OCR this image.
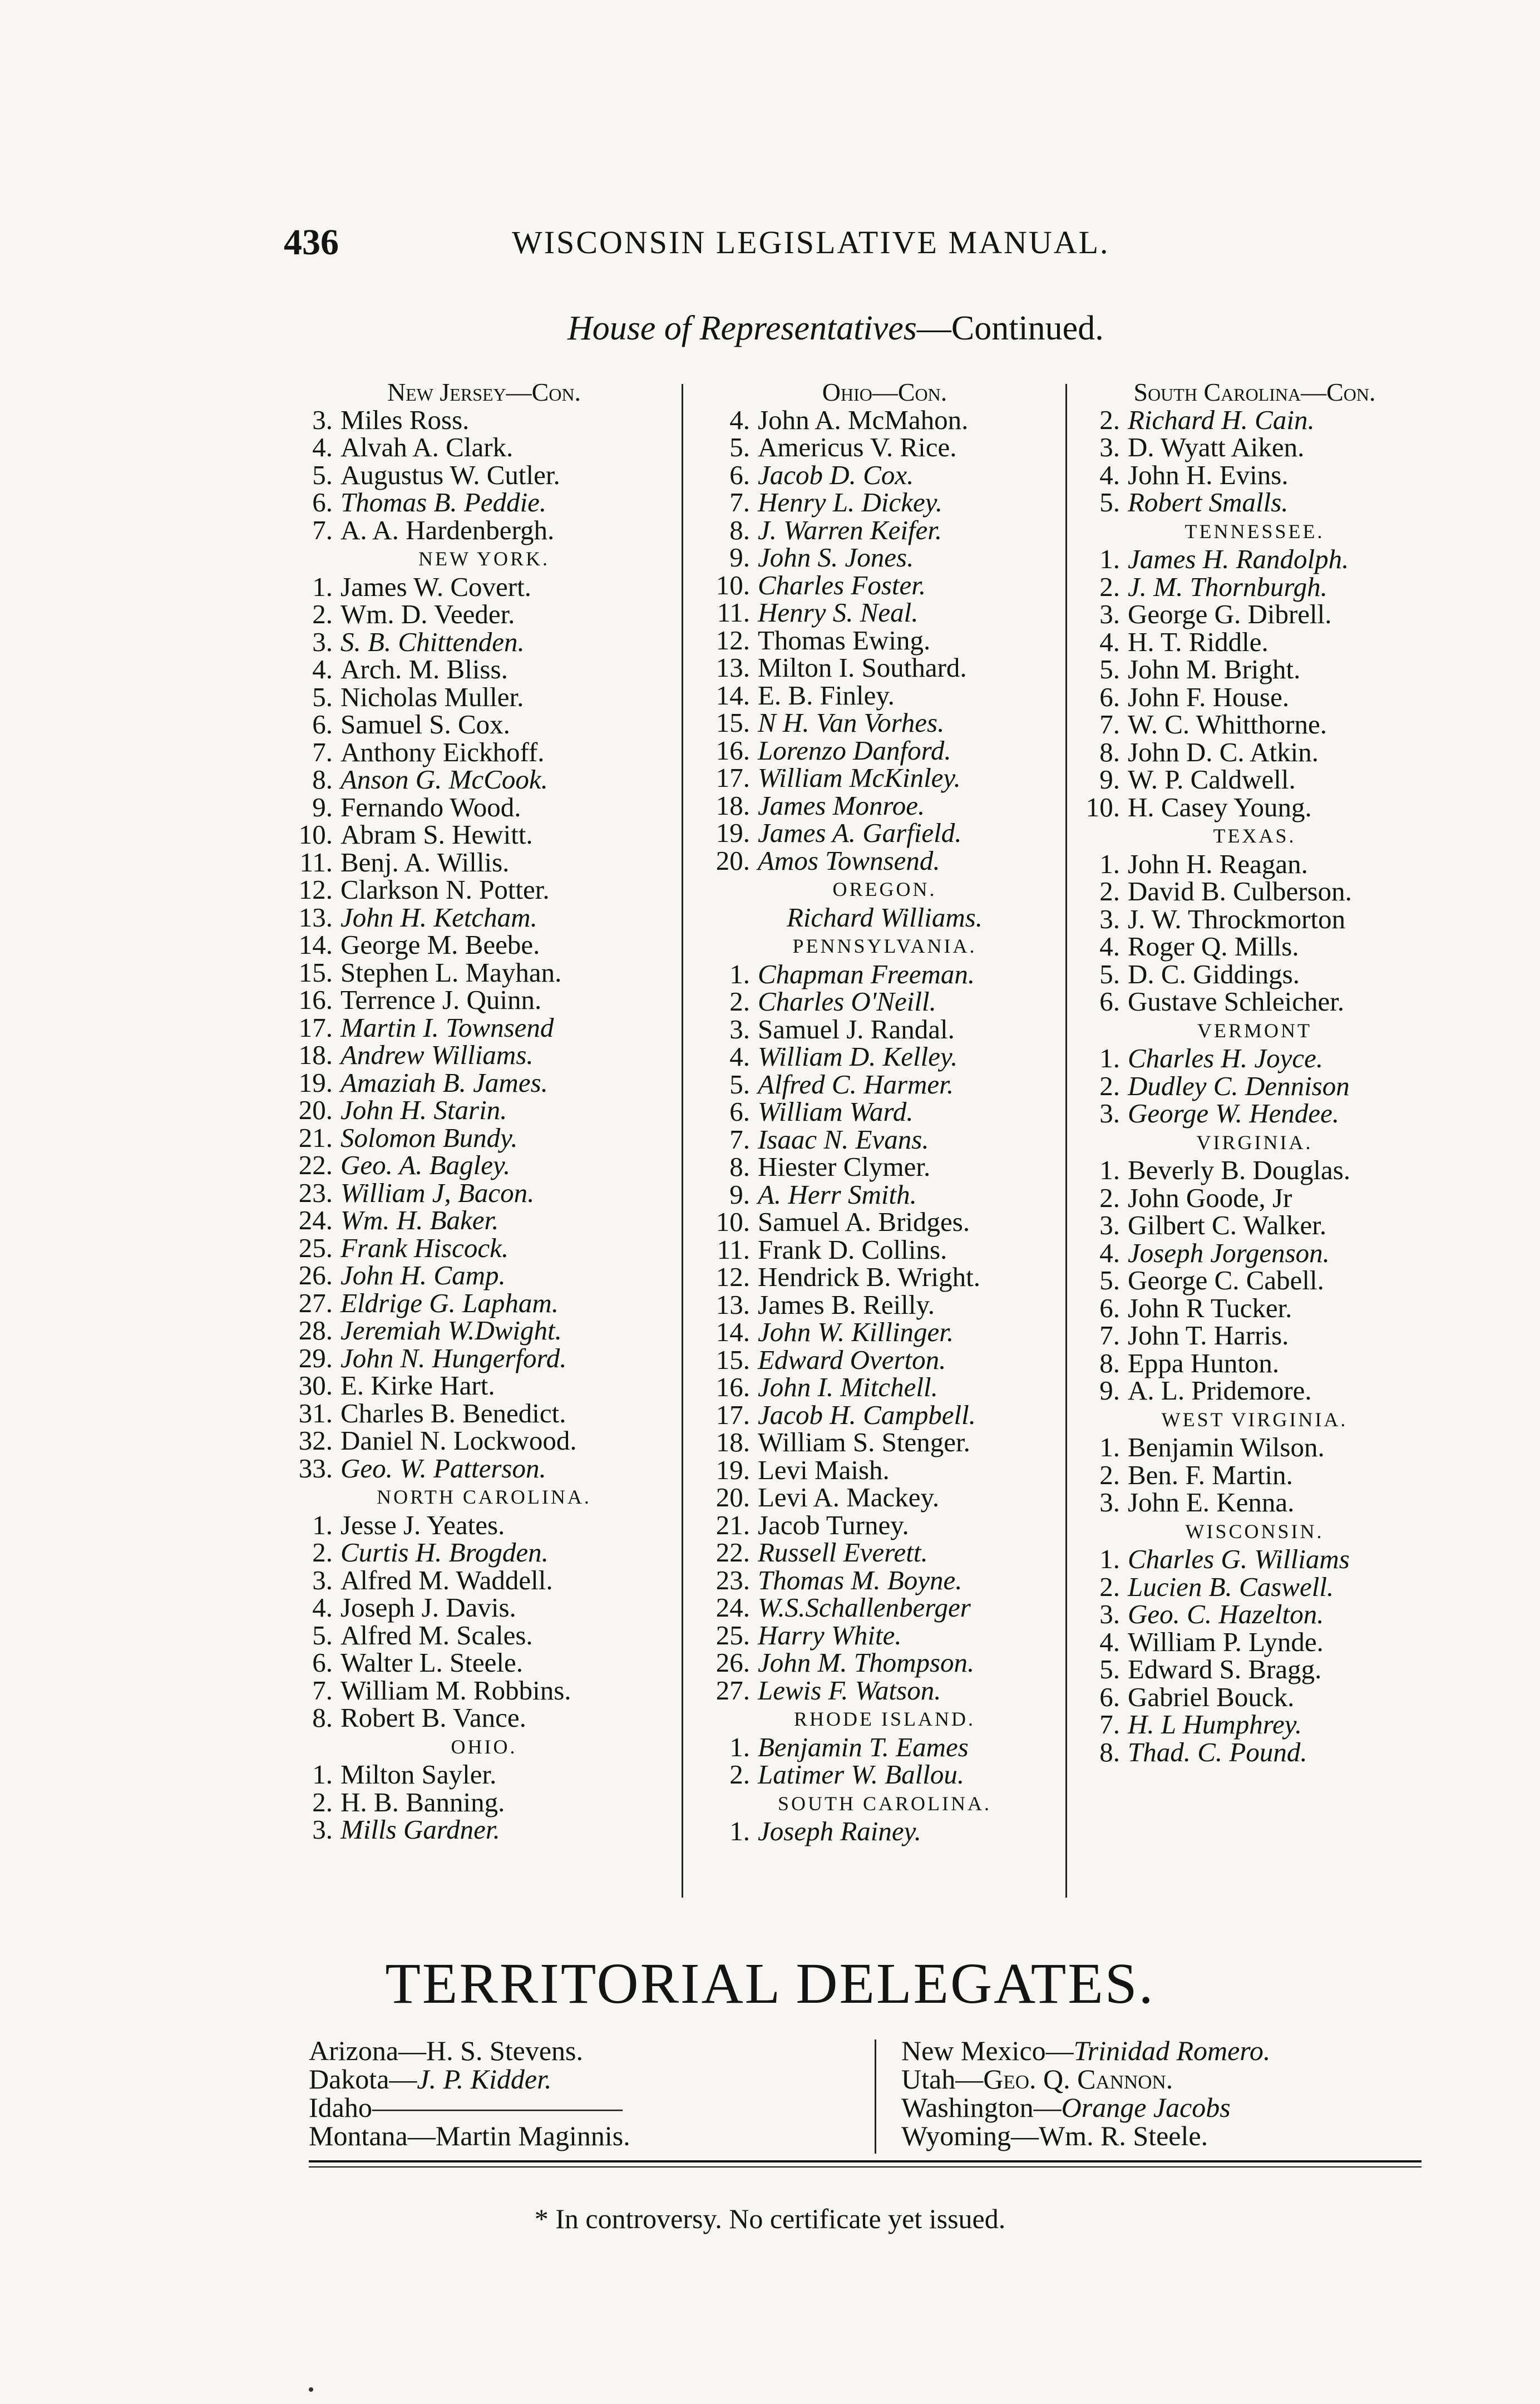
436	WISCONSIN LEGISLATIVE MANUAL.
House of Representatives—Continued.
New Jersey—Con.
3. Miles Ross.
4. Alvah A. Clark.
5. Augustus W. Cutler.
6. Thomas B. Peddie.
7. A. A. Hardenbergh.
NEW YORK.
1. James W. Covert.
2. Wm. D. Veeder.
3. S. B. Chittenden.
4. Arch. M. Bliss.
5. Nicholas Muller.
6. Samuel S. Cox.
7. Anthony Eickhoff.
8. Anson G. McCook.
9. Fernando Wood.
10. Abram S. Hewitt.
11. Benj. A. Willis.
12. Clarkson N. Potter.
13. John H. Ketcham.
14. George M. Beebe.
15. Stephen L. Mayhan.
16. Terrence J. Quinn.
17. Martin I. Townsend
18. Andrew Williams.
19. Amaziah B. James.
20. John H. Starin.
21. Solomon Bundy.
22. Geo. A. Bagley.
23. William J, Bacon.
24. Wm. H. Baker.
25. Frank Hiscock.
26. John H. Camp.
27. Eldrige G. Lapham.
28. Jeremiah W.Dwight.
29. John N. Hungerford.
30. E. Kirke Hart.
31. Charles B. Benedict.
32. Daniel N. Lockwood.
33. Geo. W. Patterson.
NORTH CAROLINA.
1. Jesse J. Yeates.
2. Curtis H. Brogden.
3. Alfred M. Waddell.
4. Joseph J. Davis.
5. Alfred M. Scales.
6. Walter L. Steele.
7. William M. Robbins.
8. Robert B. Vance.
OHIO.
1. Milton Sayler.
2. H. B. Banning.
3. Mills Gardner.
Ohio—Con.
4. John A. McMahon.
5. Americus V. Rice.
6. Jacob D. Cox.
7. Henry L. Dickey.
8. J. Warren Keifer.
9. John S. Jones.
10. Charles Foster.
11. Henry S. Neal.
12. Thomas Ewing.
13. Milton I. Southard.
14. E. B. Finley.
15. N H. Van Vorhes.
16. Lorenzo Danford.
17. William McKinley.
18. James Monroe.
19. James A. Garfield.
20. Amos Townsend.
OREGON.
Richard Williams.
PENNSYLVANIA.
1. Chapman Freeman.
2. Charles O'Neill.
3. Samuel J. Randal.
4. William D. Kelley.
5. Alfred C. Harmer.
6. William Ward.
7. Isaac N. Evans.
8. Hiester Clymer.
9. A. Herr Smith.
10. Samuel A. Bridges.
11. Frank D. Collins.
12. Hendrick B. Wright.
13. James B. Reilly.
14. John W. Killinger.
15. Edward Overton.
16. John I. Mitchell.
17. Jacob H. Campbell.
18. William S. Stenger.
19. Levi Maish.
20. Levi A. Mackey.
21. Jacob Turney.
22. Russell Everett.
23. Thomas M. Boyne.
24. W.S.Schallenberger
25. Harry White.
26. John M. Thompson.
27. Lewis F. Watson.
RHODE ISLAND.
1. Benjamin T. Eames
2. Latimer W. Ballou.
SOUTH CAROLINA.
1. Joseph Rainey.
South Carolina—Con.
2. Richard H. Cain.
3. D. Wyatt Aiken.
4. John H. Evins.
5. Robert Smalls.
TENNESSEE.
1. James H. Randolph.
2. J. M. Thornburgh.
3. George G. Dibrell.
4. H. T. Riddle.
5. John M. Bright.
6. John F. House.
7. W. C. Whitthorne.
8. John D. C. Atkin.
9. W. P. Caldwell.
10. H. Casey Young.
TEXAS.
1. John H. Reagan.
2. David B. Culberson.
3. J. W. Throckmorton
4. Roger Q. Mills.
5. D. C. Giddings.
6. Gustave Schleicher.
VERMONT
1. Charles H. Joyce.
2. Dudley C. Dennison
3. George W. Hendee.
VIRGINIA.
1. Beverly B. Douglas.
2. John Goode, Jr
3. Gilbert C. Walker.
4. Joseph Jorgenson.
5. George C. Cabell.
6. John R Tucker.
7. John T. Harris.
8. Eppa Hunton.
9. A. L. Pridemore.
WEST VIRGINIA.
1. Benjamin Wilson.
2. Ben. F. Martin.
3. John E. Kenna.
WISCONSIN.
1. Charles G. Williams
2. Lucien B. Caswell.
3. Geo. C. Hazelton.
4. William P. Lynde.
5. Edward S. Bragg.
6. Gabriel Bouck.
7. H. L Humphrey.
8. Thad. C. Pound.
TERRITORIAL DELEGATES.
Arizona—H. S. Stevens.
Dakota—J. P. Kidder.
Idaho—————————
Montana—Martin Maginnis.
New Mexico—Trinidad Romero.
Utah—Geo. Q. Cannon.
Washington—Orange Jacobs
Wyoming—Wm. R. Steele.
* In controversy. No certificate yet issued.
